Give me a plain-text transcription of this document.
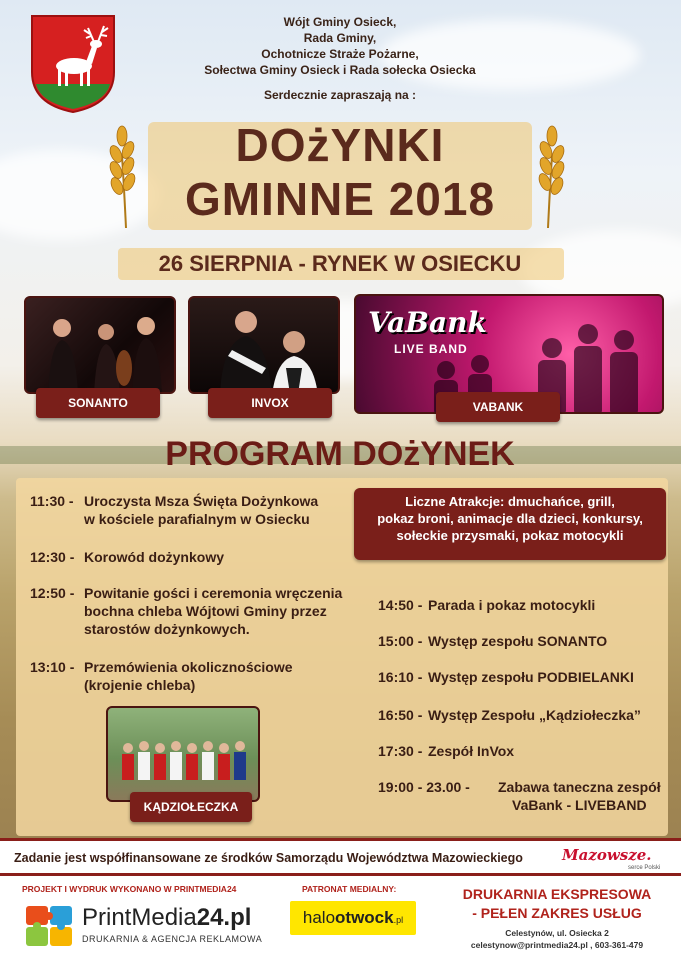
Wójt Gminy Osieck,
Rada Gminy,
Ochotnicze Straże Pożarne,
Sołectwa Gminy Osieck i Rada sołecka Osiecka
Serdecznie zapraszają na :
DOżYNKI
GMINNE 2018
26 SIERPNIA - RYNEK W OSIECKU
SONANTO	INVOX
VaBank
LIVE BAND
VABANK
PROGRAM DOżYNEK
11:30 - Uroczysta Msza Święta Dożynkowa
w kościele parafialnym w Osiecku
12:30 - Korowód dożynkowy
12:50 - Powitanie gości i ceremonia wręczenia
bochna chleba Wójtowi Gminy przez
starostów dożynkowych.
13:10 - Przemówienia okolicznościowe
(krojenie chleba)
KĄDZIOŁECZKA
Liczne Atrakcje: dmuchańce, grill,
pokaz broni, animacje dla dzieci, konkursy,
sołeckie przysmaki, pokaz motocykli
14:50 - Parada i pokaz motocykli
15:00 - Występ zespołu SONANTO
16:10 - Występ zespołu PODBIELANKI
16:50 - Występ Zespołu „Kądziołeczka”
17:30 - Zespół InVox
19:00 - 23.00 - Zabawa taneczna zespół
VaBank - LIVEBAND
Zadanie jest współfinansowane ze środków Samorządu Województwa Mazowieckiego	Mazowsze.
serce Polski
PROJEKT I WYDRUK WYKONANO W PRINTMEDIA24
PrintMedia24.pl
DRUKARNIA & AGENCJA REKLAMOWA
PATRONAT MEDIALNY:
halootwock.pl
DRUKARNIA EKSPRESOWA
- PEŁEN ZAKRES USŁUG
Celestynów, ul. Osiecka 2
celestynow@printmedia24.pl , 603-361-479
